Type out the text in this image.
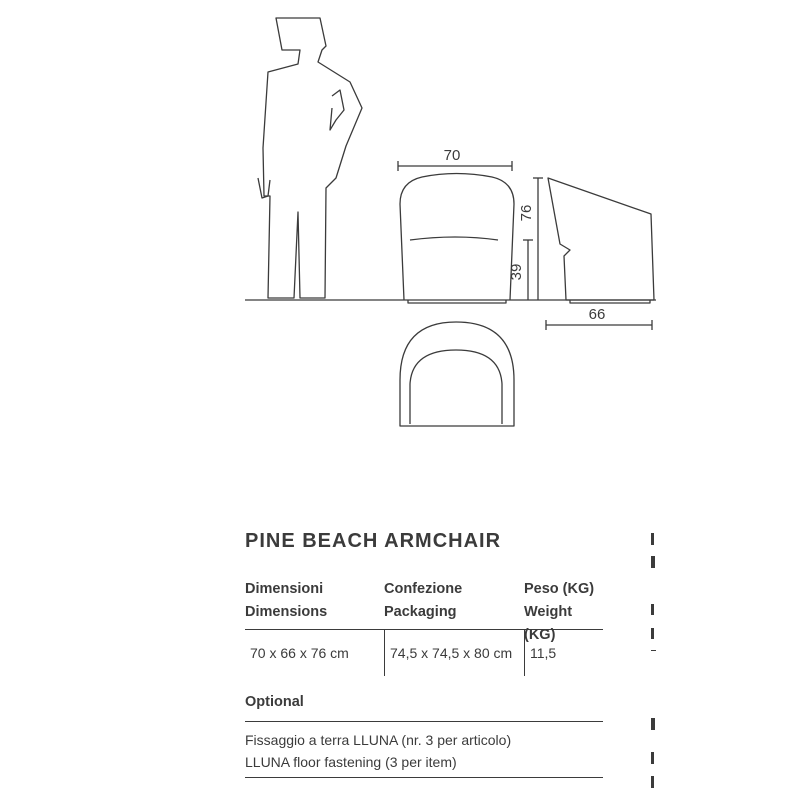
70
76
39
66
PINE BEACH ARMCHAIR
Dimensioni
Dimensions
Confezione
Packaging
Peso (KG)
Weight (KG)
70 x 66 x 76 cm	74,5 x 74,5 x 80 cm	11,5
Optional
Fissaggio a terra LLUNA (nr. 3 per articolo)
LLUNA floor fastening (3 per item)
